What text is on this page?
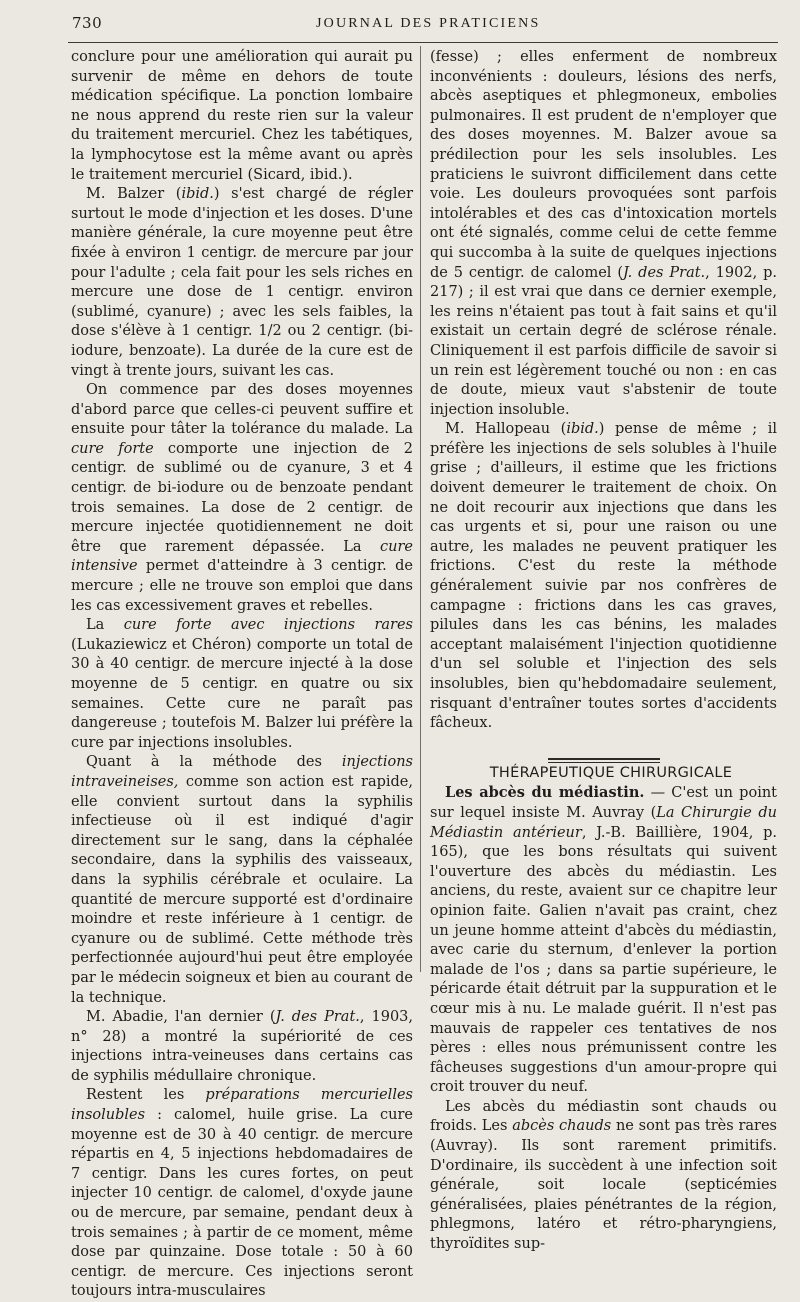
730	JOURNAL DES PRATICIENS

conclure pour une amélioration qui aurait pu survenir de même en dehors de toute médication spécifique. La ponction lombaire ne nous apprend du reste rien sur la valeur du traitement mercuriel. Chez les tabétiques, la lymphocytose est la même avant ou après le traitement mercuriel (Sicard, ibid.).

M. Balzer (ibid.) s'est chargé de régler surtout le mode d'injection et les doses. D'une manière générale, la cure moyenne peut être fixée à environ 1 centigr. de mercure par jour pour l'adulte ; cela fait pour les sels riches en mercure une dose de 1 centigr. environ (sublimé, cyanure) ; avec les sels faibles, la dose s'élève à 1 centigr. 1/2 ou 2 centigr. (bi-iodure, benzoate). La durée de la cure est de vingt à trente jours, suivant les cas.

On commence par des doses moyennes d'abord parce que celles-ci peuvent suffire et ensuite pour tâter la tolérance du malade. La cure forte comporte une injection de 2 centigr. de sublimé ou de cyanure, 3 et 4 centigr. de bi-iodure ou de benzoate pendant trois semaines. La dose de 2 centigr. de mercure injectée quotidiennement ne doit être que rarement dépassée. La cure intensive permet d'atteindre à 3 centigr. de mercure ; elle ne trouve son emploi que dans les cas excessivement graves et rebelles.

La cure forte avec injections rares (Lukaziewicz et Chéron) comporte un total de 30 à 40 centigr. de mercure injecté à la dose moyenne de 5 centigr. en quatre ou six semaines. Cette cure ne paraît pas dangereuse ; toutefois M. Balzer lui préfère la cure par injections insolubles.

Quant à la méthode des injections intraveineises, comme son action est rapide, elle convient surtout dans la syphilis infectieuse où il est indiqué d'agir directement sur le sang, dans la céphalée secondaire, dans la syphilis des vaisseaux, dans la syphilis cérébrale et oculaire. La quantité de mercure supporté est d'ordinaire moindre et reste inférieure à 1 centigr. de cyanure ou de sublimé. Cette méthode très perfectionnée aujourd'hui peut être employée par le médecin soigneux et bien au courant de la technique.

M. Abadie, l'an dernier (J. des Prat., 1903, n° 28) a montré la supériorité de ces injections intra-veineuses dans certains cas de syphilis médullaire chronique.

Restent les préparations mercurielles insolubles : calomel, huile grise. La cure moyenne est de 30 à 40 centigr. de mercure répartis en 4, 5 injections hebdomadaires de 7 centigr. Dans les cures fortes, on peut injecter 10 centigr. de calomel, d'oxyde jaune ou de mercure, par semaine, pendant deux à trois semaines ; à partir de ce moment, même dose par quinzaine. Dose totale : 50 à 60 centigr. de mercure. Ces injections seront toujours intra-musculaires

(fesse) ; elles enferment de nombreux inconvénients : douleurs, lésions des nerfs, abcès aseptiques et phlegmoneux, embolies pulmonaires. Il est prudent de n'employer que des doses moyennes. M. Balzer avoue sa prédilection pour les sels insolubles. Les praticiens le suivront difficilement dans cette voie. Les douleurs provoquées sont parfois intolérables et des cas d'intoxication mortels ont été signalés, comme celui de cette femme qui succomba à la suite de quelques injections de 5 centigr. de calomel (J. des Prat., 1902, p. 217) ; il est vrai que dans ce dernier exemple, les reins n'étaient pas tout à fait sains et qu'il existait un certain degré de sclérose rénale. Cliniquement il est parfois difficile de savoir si un rein est légèrement touché ou non : en cas de doute, mieux vaut s'abstenir de toute injection insoluble.

M. Hallopeau (ibid.) pense de même ; il préfère les injections de sels solubles à l'huile grise ; d'ailleurs, il estime que les frictions doivent demeurer le traitement de choix. On ne doit recourir aux injections que dans les cas urgents et si, pour une raison ou une autre, les malades ne peuvent pratiquer les frictions. C'est du reste la méthode généralement suivie par nos confrères de campagne : frictions dans les cas graves, pilules dans les cas bénins, les malades acceptant malaisément l'injection quotidienne d'un sel soluble et l'injection des sels insolubles, bien qu'hebdomadaire seulement, risquant d'entraîner toutes sortes d'accidents fâcheux.

THÉRAPEUTIQUE CHIRURGICALE

Les abcès du médiastin. — C'est un point sur lequel insiste M. Auvray (La Chirurgie du Médiastin antérieur, J.-B. Baillière, 1904, p. 165), que les bons résultats qui suivent l'ouverture des abcès du médiastin. Les anciens, du reste, avaient sur ce chapitre leur opinion faite. Galien n'avait pas craint, chez un jeune homme atteint d'abcès du médiastin, avec carie du sternum, d'enlever la portion malade de l'os ; dans sa partie supérieure, le péricarde était détruit par la suppuration et le cœur mis à nu. Le malade guérit. Il n'est pas mauvais de rappeler ces tentatives de nos pères : elles nous prémunissent contre les fâcheuses suggestions d'un amour-propre qui croit trouver du neuf.

Les abcès du médiastin sont chauds ou froids. Les abcès chauds ne sont pas très rares (Auvray). Ils sont rarement primitifs. D'ordinaire, ils succèdent à une infection soit générale, soit locale (septicémies généralisées, plaies pénétrantes de la région, phlegmons, latéro et rétro-pharyngiens, thyroïdites sup-
